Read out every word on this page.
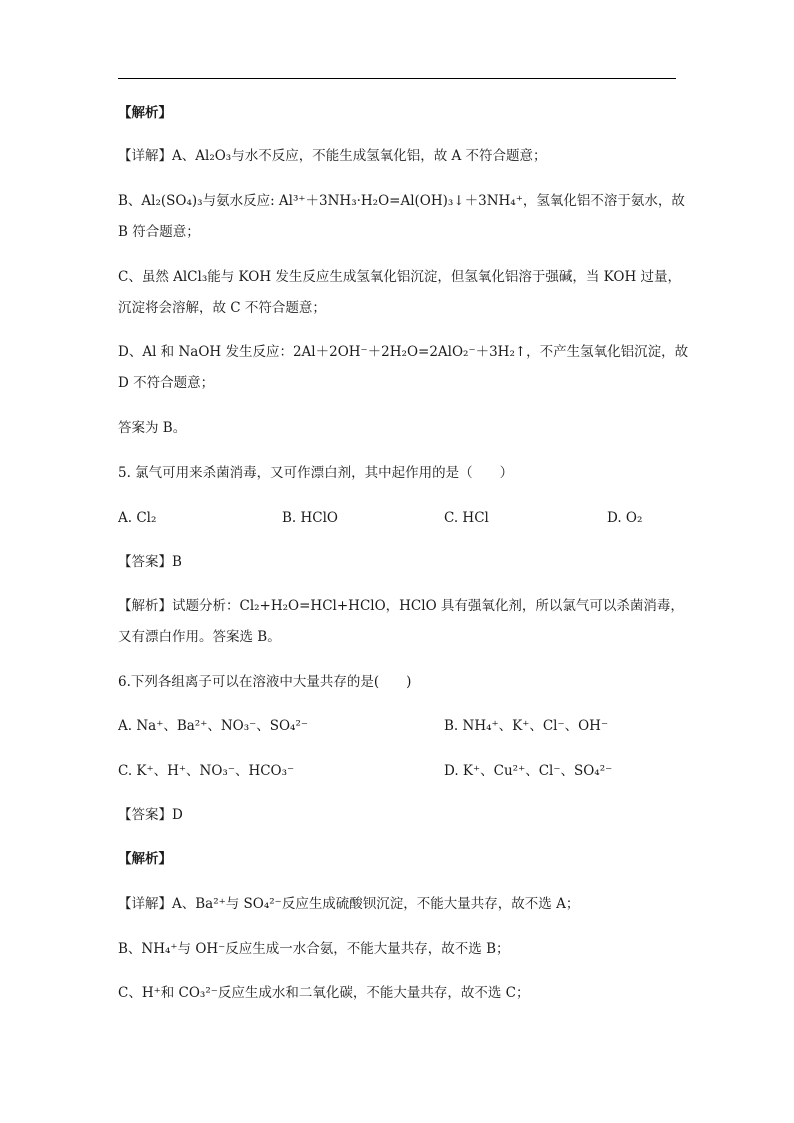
【解析】
【详解】A、Al₂O₃与水不反应，不能生成氢氧化铝，故 A 不符合题意；
B、Al₂(SO₄)₃与氨水反应: Al³⁺＋3NH₃·H₂O=Al(OH)₃↓＋3NH₄⁺，氢氧化铝不溶于氨水，故
B 符合题意；
C、虽然 AlCl₃能与 KOH 发生反应生成氢氧化铝沉淀，但氢氧化铝溶于强碱，当 KOH 过量，
沉淀将会溶解，故 C 不符合题意；
D、Al 和 NaOH 发生反应：2Al＋2OH⁻＋2H₂O=2AlO₂⁻＋3H₂↑，不产生氢氧化铝沉淀，故
D 不符合题意；
答案为 B。
5. 氯气可用来杀菌消毒，又可作漂白剂，其中起作用的是（　　）
A. Cl₂	B. HClO	C. HCl	D. O₂
【答案】B
【解析】试题分析：Cl₂+H₂O=HCl+HClO，HClO 具有强氧化剂，所以氯气可以杀菌消毒，
又有漂白作用。答案选 B。
6.下列各组离子可以在溶液中大量共存的是(　　)
A. Na⁺、Ba²⁺、NO₃⁻、SO₄²⁻	B. NH₄⁺、K⁺、Cl⁻、OH⁻
C. K⁺、H⁺、NO₃⁻、HCO₃⁻	D. K⁺、Cu²⁺、Cl⁻、SO₄²⁻
【答案】D
【解析】
【详解】A、Ba²⁺与 SO₄²⁻反应生成硫酸钡沉淀，不能大量共存，故不选 A；
B、NH₄⁺与 OH⁻反应生成一水合氨，不能大量共存，故不选 B；
C、H⁺和 CO₃²⁻反应生成水和二氧化碳，不能大量共存，故不选 C；
